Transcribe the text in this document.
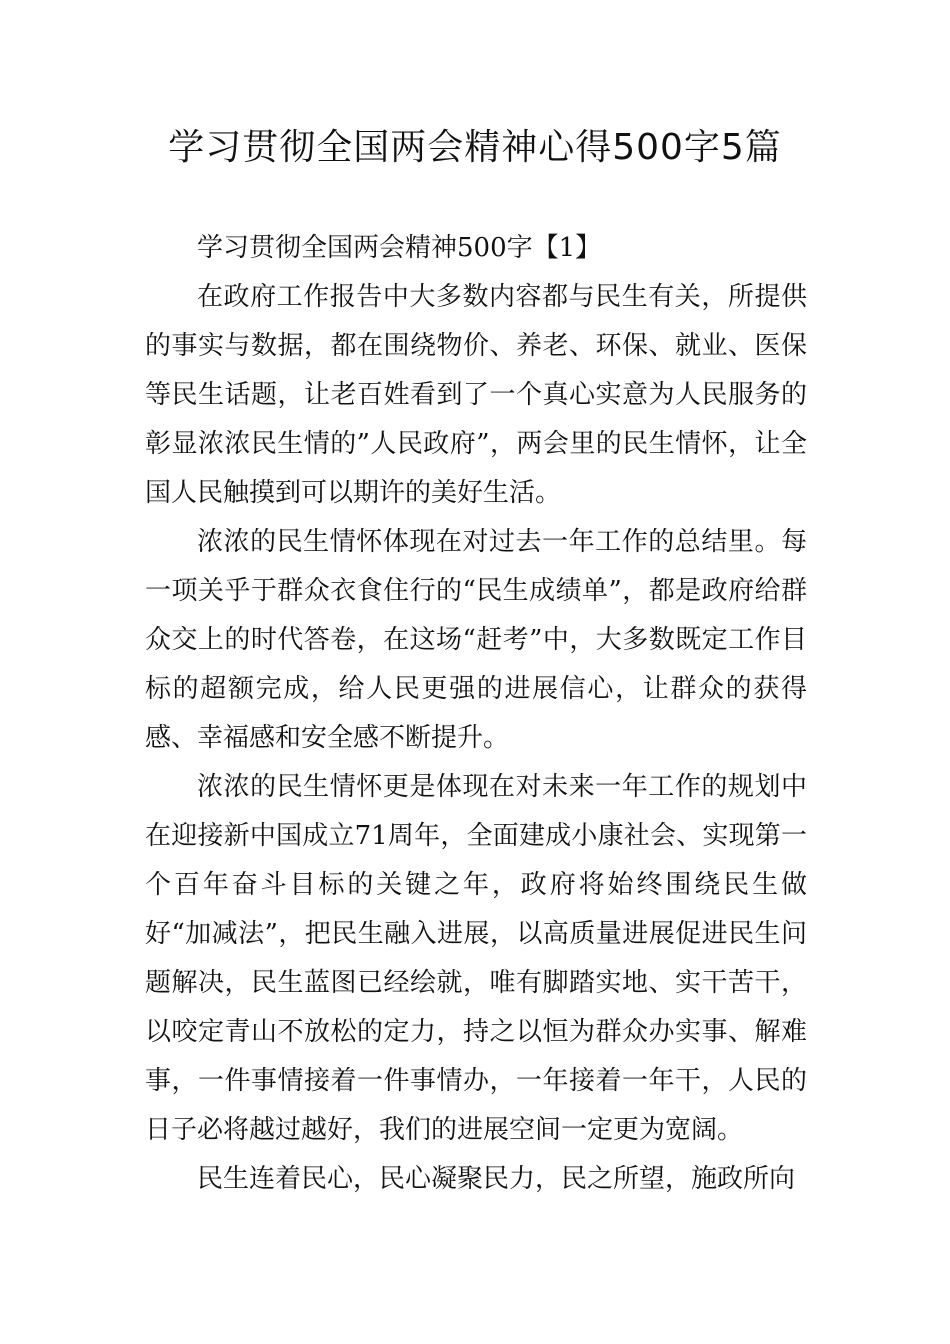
学习贯彻全国两会精神心得500字5篇

学习贯彻全国两会精神500字【1】

在政府工作报告中大多数内容都与民生有关，所提供的事实与数据，都在围绕物价、养老、环保、就业、医保等民生话题，让老百姓看到了一个真心实意为人民服务的彰显浓浓民生情的”人民政府”，两会里的民生情怀，让全国人民触摸到可以期许的美好生活。

浓浓的民生情怀体现在对过去一年工作的总结里。每一项关乎于群众衣食住行的“民生成绩单”，都是政府给群众交上的时代答卷，在这场“赶考”中，大多数既定工作目标的超额完成，给人民更强的进展信心，让群众的获得感、幸福感和安全感不断提升。

浓浓的民生情怀更是体现在对未来一年工作的规划中在迎接新中国成立71周年，全面建成小康社会、实现第一个百年奋斗目标的关键之年，政府将始终围绕民生做好“加减法”，把民生融入进展，以高质量进展促进民生问题解决，民生蓝图已经绘就，唯有脚踏实地、实干苦干，以咬定青山不放松的定力，持之以恒为群众办实事、解难事，一件事情接着一件事情办，一年接着一年干，人民的日子必将越过越好，我们的进展空间一定更为宽阔。

民生连着民心，民心凝聚民力，民之所望，施政所向
